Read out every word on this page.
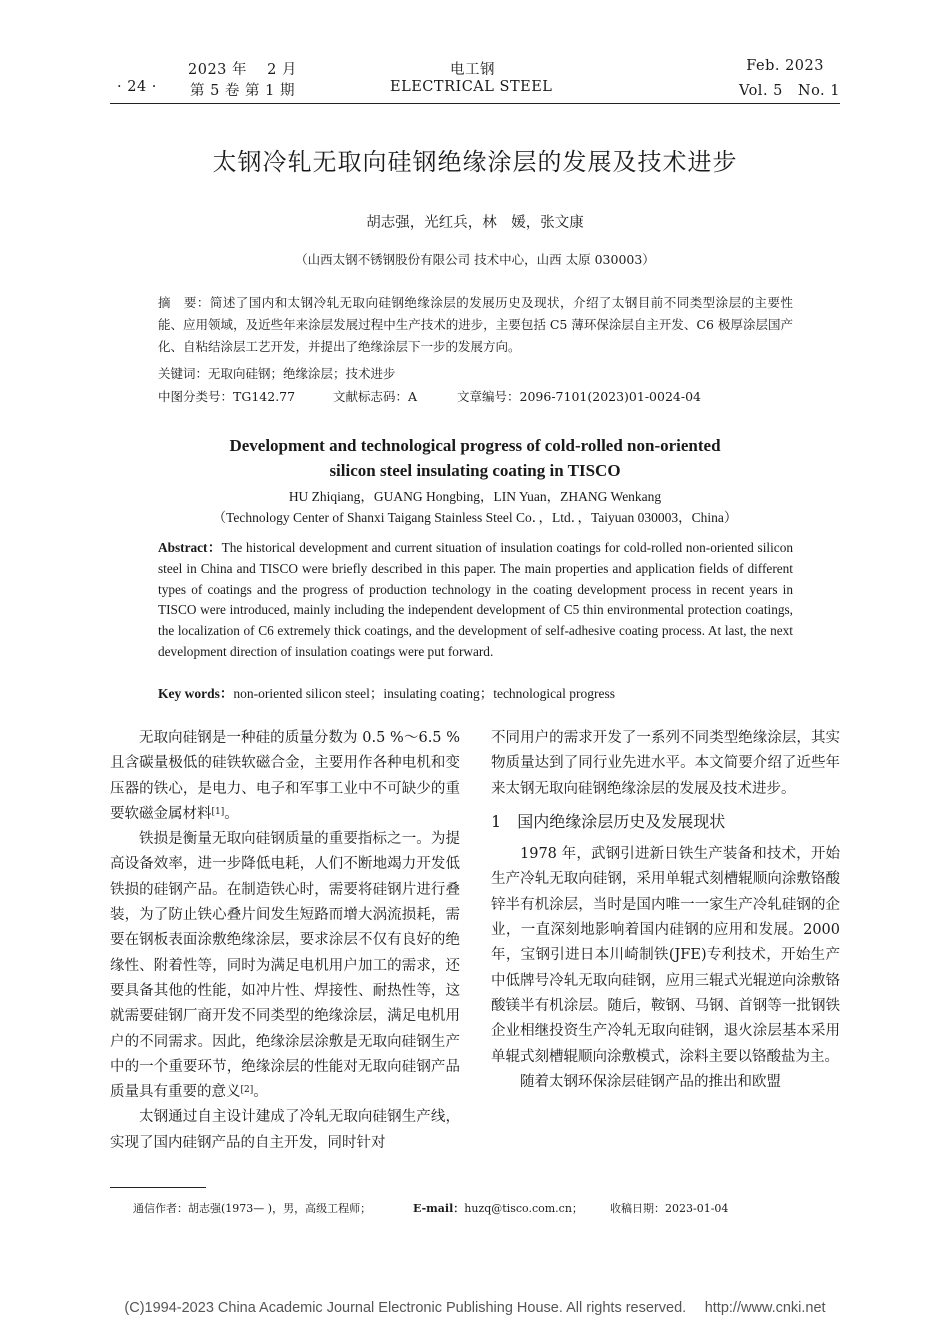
2023 年　 2 月
· 24 · 第 5 卷 第 1 期
电工钢
ELECTRICAL STEEL
Feb. 2023
Vol. 5　No. 1
太钢冷轧无取向硅钢绝缘涂层的发展及技术进步
胡志强，光红兵，林　媛，张文康
（山西太钢不锈钢股份有限公司 技术中心，山西 太原 030003）
摘　要：简述了国内和太钢冷轧无取向硅钢绝缘涂层的发展历史及现状，介绍了太钢目前不同类型涂层的主要性能、应用领域，及近些年来涂层发展过程中生产技术的进步，主要包括 C5 薄环保涂层自主开发、C6 极厚涂层国产化、自粘结涂层工艺开发，并提出了绝缘涂层下一步的发展方向。
关键词：无取向硅钢；绝缘涂层；技术进步
中图分类号：TG142.77	文献标志码：A	文章编号：2096-7101(2023)01-0024-04
Development and technological progress of cold-rolled non-oriented
silicon steel insulating coating in TISCO
HU Zhiqiang，GUANG Hongbing，LIN Yuan，ZHANG Wenkang
（Technology Center of Shanxi Taigang Stainless Steel Co．，Ltd．，Taiyuan 030003，China）
Abstract：The historical development and current situation of insulation coatings for cold-rolled non-oriented silicon steel in China and TISCO were briefly described in this paper. The main properties and application fields of different types of coatings and the progress of production technology in the coating development process in recent years in TISCO were introduced, mainly including the independent development of C5 thin environmental protection coatings, the localization of C6 extremely thick coatings, and the development of self-adhesive coating process. At last, the next development direction of insulation coatings were put forward.
Key words：non-oriented silicon steel；insulating coating；technological progress

无取向硅钢是一种硅的质量分数为 0.5 %～6.5 %且含碳量极低的硅铁软磁合金，主要用作各种电机和变压器的铁心，是电力、电子和军事工业中不可缺少的重要软磁金属材料[1]。

铁损是衡量无取向硅钢质量的重要指标之一。为提高设备效率，进一步降低电耗，人们不断地竭力开发低铁损的硅钢产品。在制造铁心时，需要将硅钢片进行叠装，为了防止铁心叠片间发生短路而增大涡流损耗，需要在钢板表面涂敷绝缘涂层，要求涂层不仅有良好的绝缘性、附着性等，同时为满足电机用户加工的需求，还要具备其他的性能，如冲片性、焊接性、耐热性等，这就需要硅钢厂商开发不同类型的绝缘涂层，满足电机用户的不同需求。因此，绝缘涂层涂敷是无取向硅钢生产中的一个重要环节，绝缘涂层的性能对无取向硅钢产品质量具有重要的意义[2]。

太钢通过自主设计建成了冷轧无取向硅钢生产线，实现了国内硅钢产品的自主开发，同时针对

不同用户的需求开发了一系列不同类型绝缘涂层，其实物质量达到了同行业先进水平。本文简要介绍了近些年来太钢无取向硅钢绝缘涂层的发展及技术进步。

1　 国内绝缘涂层历史及发展现状

1978 年，武钢引进新日铁生产装备和技术，开始生产冷轧无取向硅钢，采用单辊式刻槽辊顺向涂敷铬酸锌半有机涂层，当时是国内唯一一家生产冷轧硅钢的企业，一直深刻地影响着国内硅钢的应用和发展。2000 年，宝钢引进日本川崎制铁(JFE)专利技术，开始生产中低牌号冷轧无取向硅钢，应用三辊式光辊逆向涂敷铬酸镁半有机涂层。随后，鞍钢、马钢、首钢等一批钢铁企业相继投资生产冷轧无取向硅钢，退火涂层基本采用单辊式刻槽辊顺向涂敷模式，涂料主要以铬酸盐为主。

随着太钢环保涂层硅钢产品的推出和欧盟

通信作者：胡志强(1973— )，男，高级工程师；	E-mail：huzq@tisco.com.cn； 收稿日期：2023-01-04
(C)1994-2023 China Academic Journal Electronic Publishing House. All rights reserved.　 http://www.cnki.net
